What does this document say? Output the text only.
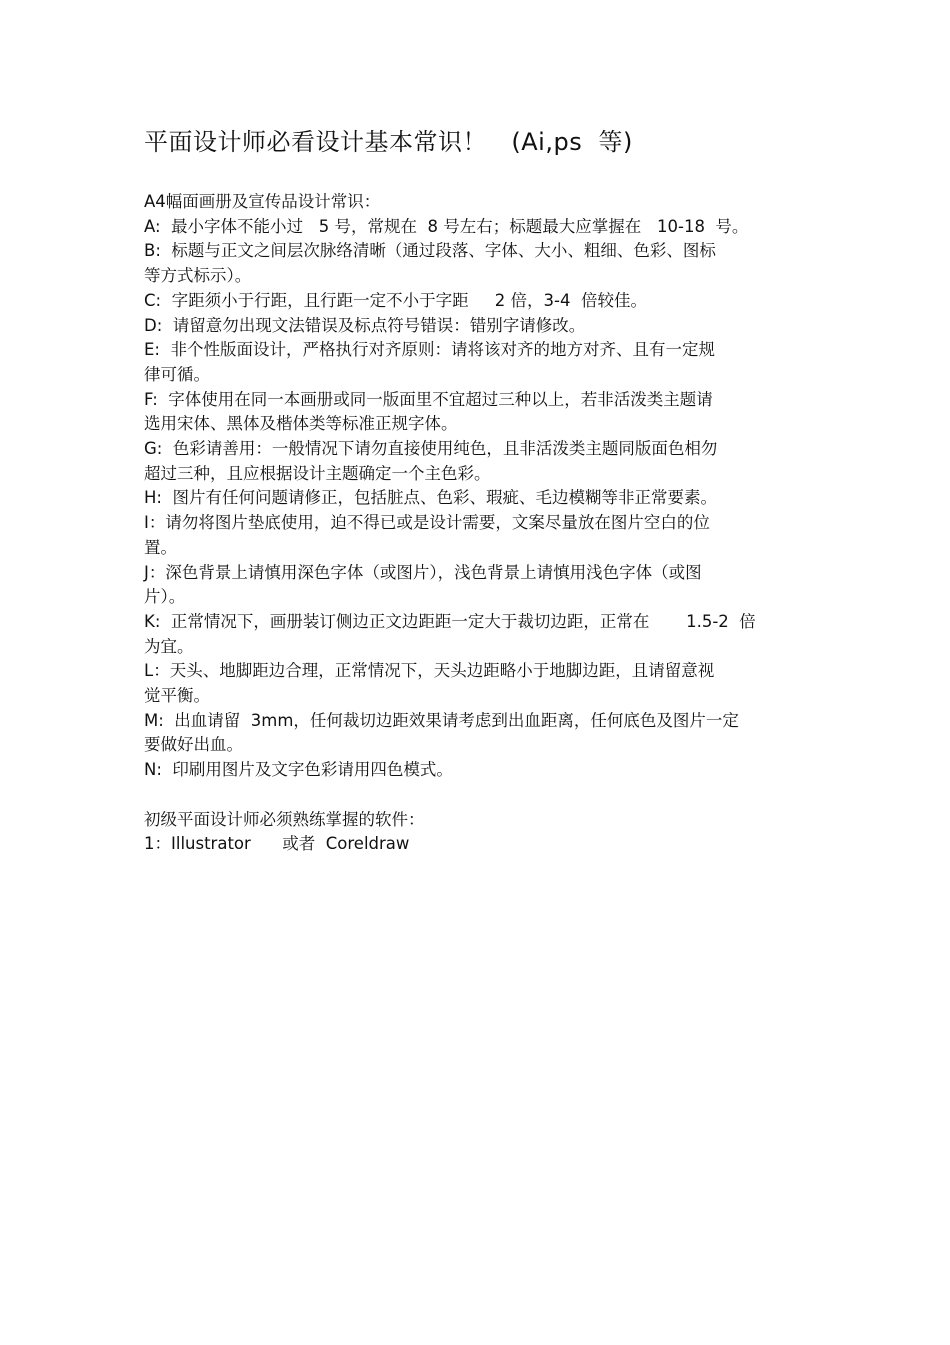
平面设计师必看设计基本常识！   (Ai,ps  等)
A4幅面画册及宣传品设计常识：
A:  最小字体不能小过   5 号，常规在  8 号左右；标题最大应掌握在   10-18  号。
B:  标题与正文之间层次脉络清晰（通过段落、字体、大小、粗细、色彩、图标
等方式标示）。
C:  字距须小于行距，且行距一定不小于字距     2 倍，3-4  倍较佳。
D:  请留意勿出现文法错误及标点符号错误：错别字请修改。
E:  非个性版面设计，严格执行对齐原则：请将该对齐的地方对齐、且有一定规
律可循。
F:  字体使用在同一本画册或同一版面里不宜超过三种以上，若非活泼类主题请
选用宋体、黑体及楷体类等标准正规字体。
G:  色彩请善用：一般情况下请勿直接使用纯色，且非活泼类主题同版面色相勿
超过三种，且应根据设计主题确定一个主色彩。
H:  图片有任何问题请修正，包括脏点、色彩、瑕疵、毛边模糊等非正常要素。
I：请勿将图片垫底使用，迫不得已或是设计需要，文案尽量放在图片空白的位
置。
J：深色背景上请慎用深色字体（或图片），浅色背景上请慎用浅色字体（或图
片）。
K:  正常情况下，画册装订侧边正文边距距一定大于裁切边距，正常在       1.5-2  倍
为宜。
L：天头、地脚距边合理，正常情况下，天头边距略小于地脚边距，且请留意视
觉平衡。
M:  出血请留  3mm，任何裁切边距效果请考虑到出血距离，任何底色及图片一定
要做好出血。
N:  印刷用图片及文字色彩请用四色模式。
初级平面设计师必须熟练掌握的软件：
1：Illustrator      或者  Coreldraw
